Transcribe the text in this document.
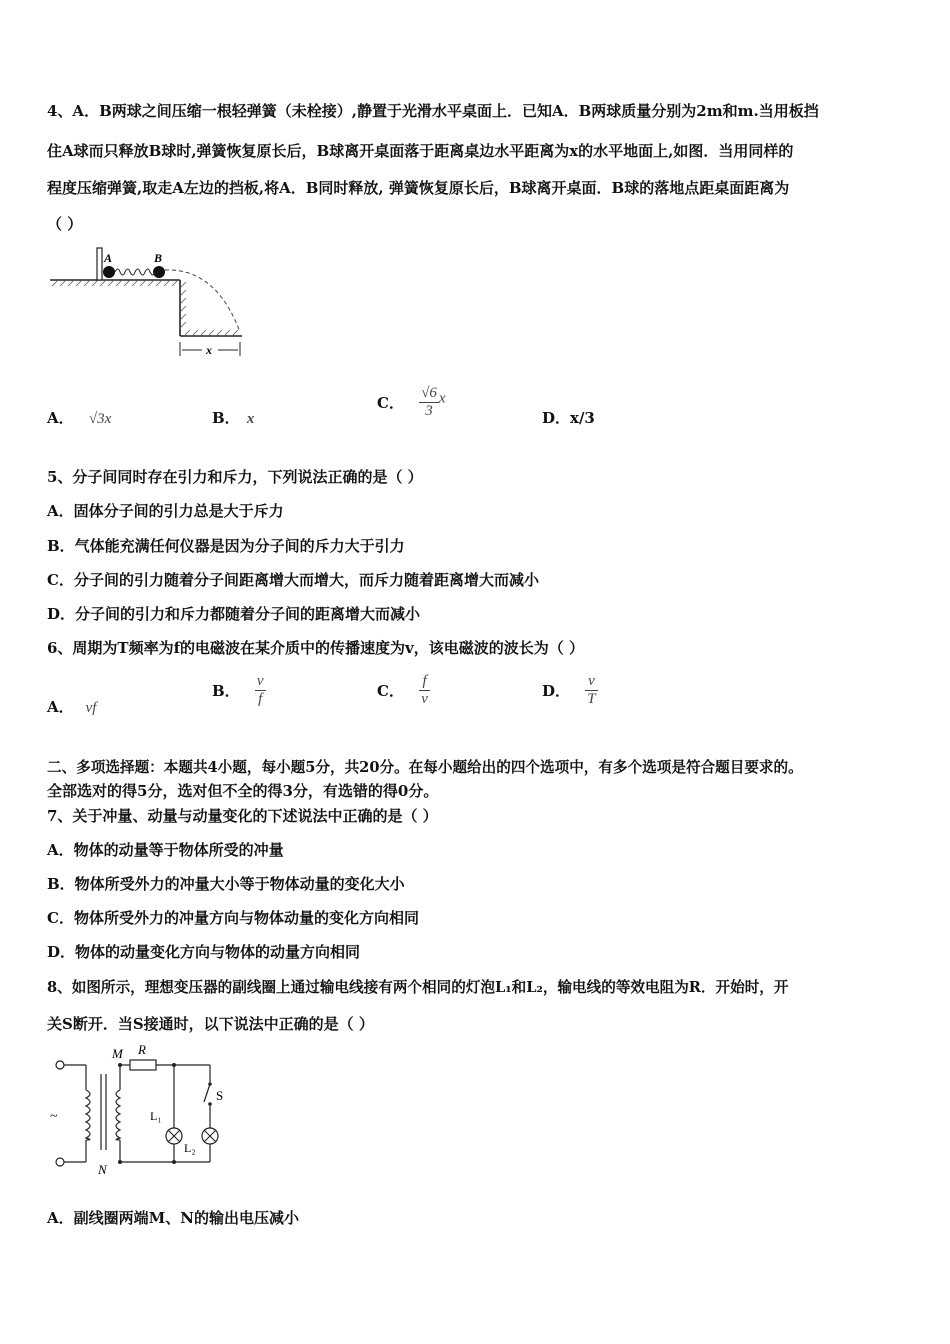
4、A．B两球之间压缩一根轻弹簧（未栓接）,静置于光滑水平桌面上．已知A．B两球质量分别为2m和m.当用板挡
住A球而只释放B球时,弹簧恢复原长后，B球离开桌面落于距离桌边水平距离为x的水平地面上,如图．当用同样的
程度压缩弹簧,取走A左边的挡板,将A．B同时释放, 弹簧恢复原长后，B球离开桌面．B球的落地点距桌面距离为
（ ）
A	B
x
A． √3x	B． x
C． $\frac{√6}{3}$ x
D．x/3
5、分子间同时存在引力和斥力，下列说法正确的是（ ）
A．固体分子间的引力总是大于斥力
B．气体能充满任何仪器是因为分子间的斥力大于引力
C．分子间的引力随着分子间距离增大而增大，而斥力随着距离增大而减小
D．分子间的引力和斥力都随着分子间的距离增大而减小
6、周期为T频率为f的电磁波在某介质中的传播速度为v，该电磁波的波长为（ ）
A． vf
B． $\frac{v}{f}$	C． $\frac{f}{v}$	D． $\frac{v}{T}$
二、多项选择题：本题共4小题，每小题5分，共20分。在每小题给出的四个选项中，有多个选项是符合题目要求的。
全部选对的得5分，选对但不全的得3分，有选错的得0分。
7、关于冲量、动量与动量变化的下述说法中正确的是（ ）
A．物体的动量等于物体所受的冲量
B．物体所受外力的冲量大小等于物体动量的变化大小
C．物体所受外力的冲量方向与物体动量的变化方向相同
D．物体的动量变化方向与物体的动量方向相同
8、如图所示，理想变压器的副线圈上通过输电线接有两个相同的灯泡L₁和L₂，输电线的等效电阻为R．开始时，开
关S断开．当S接通时，以下说法中正确的是（ ）
~
M
N
R
S
L₁
L₂
A．副线圈两端M、N的输出电压减小
